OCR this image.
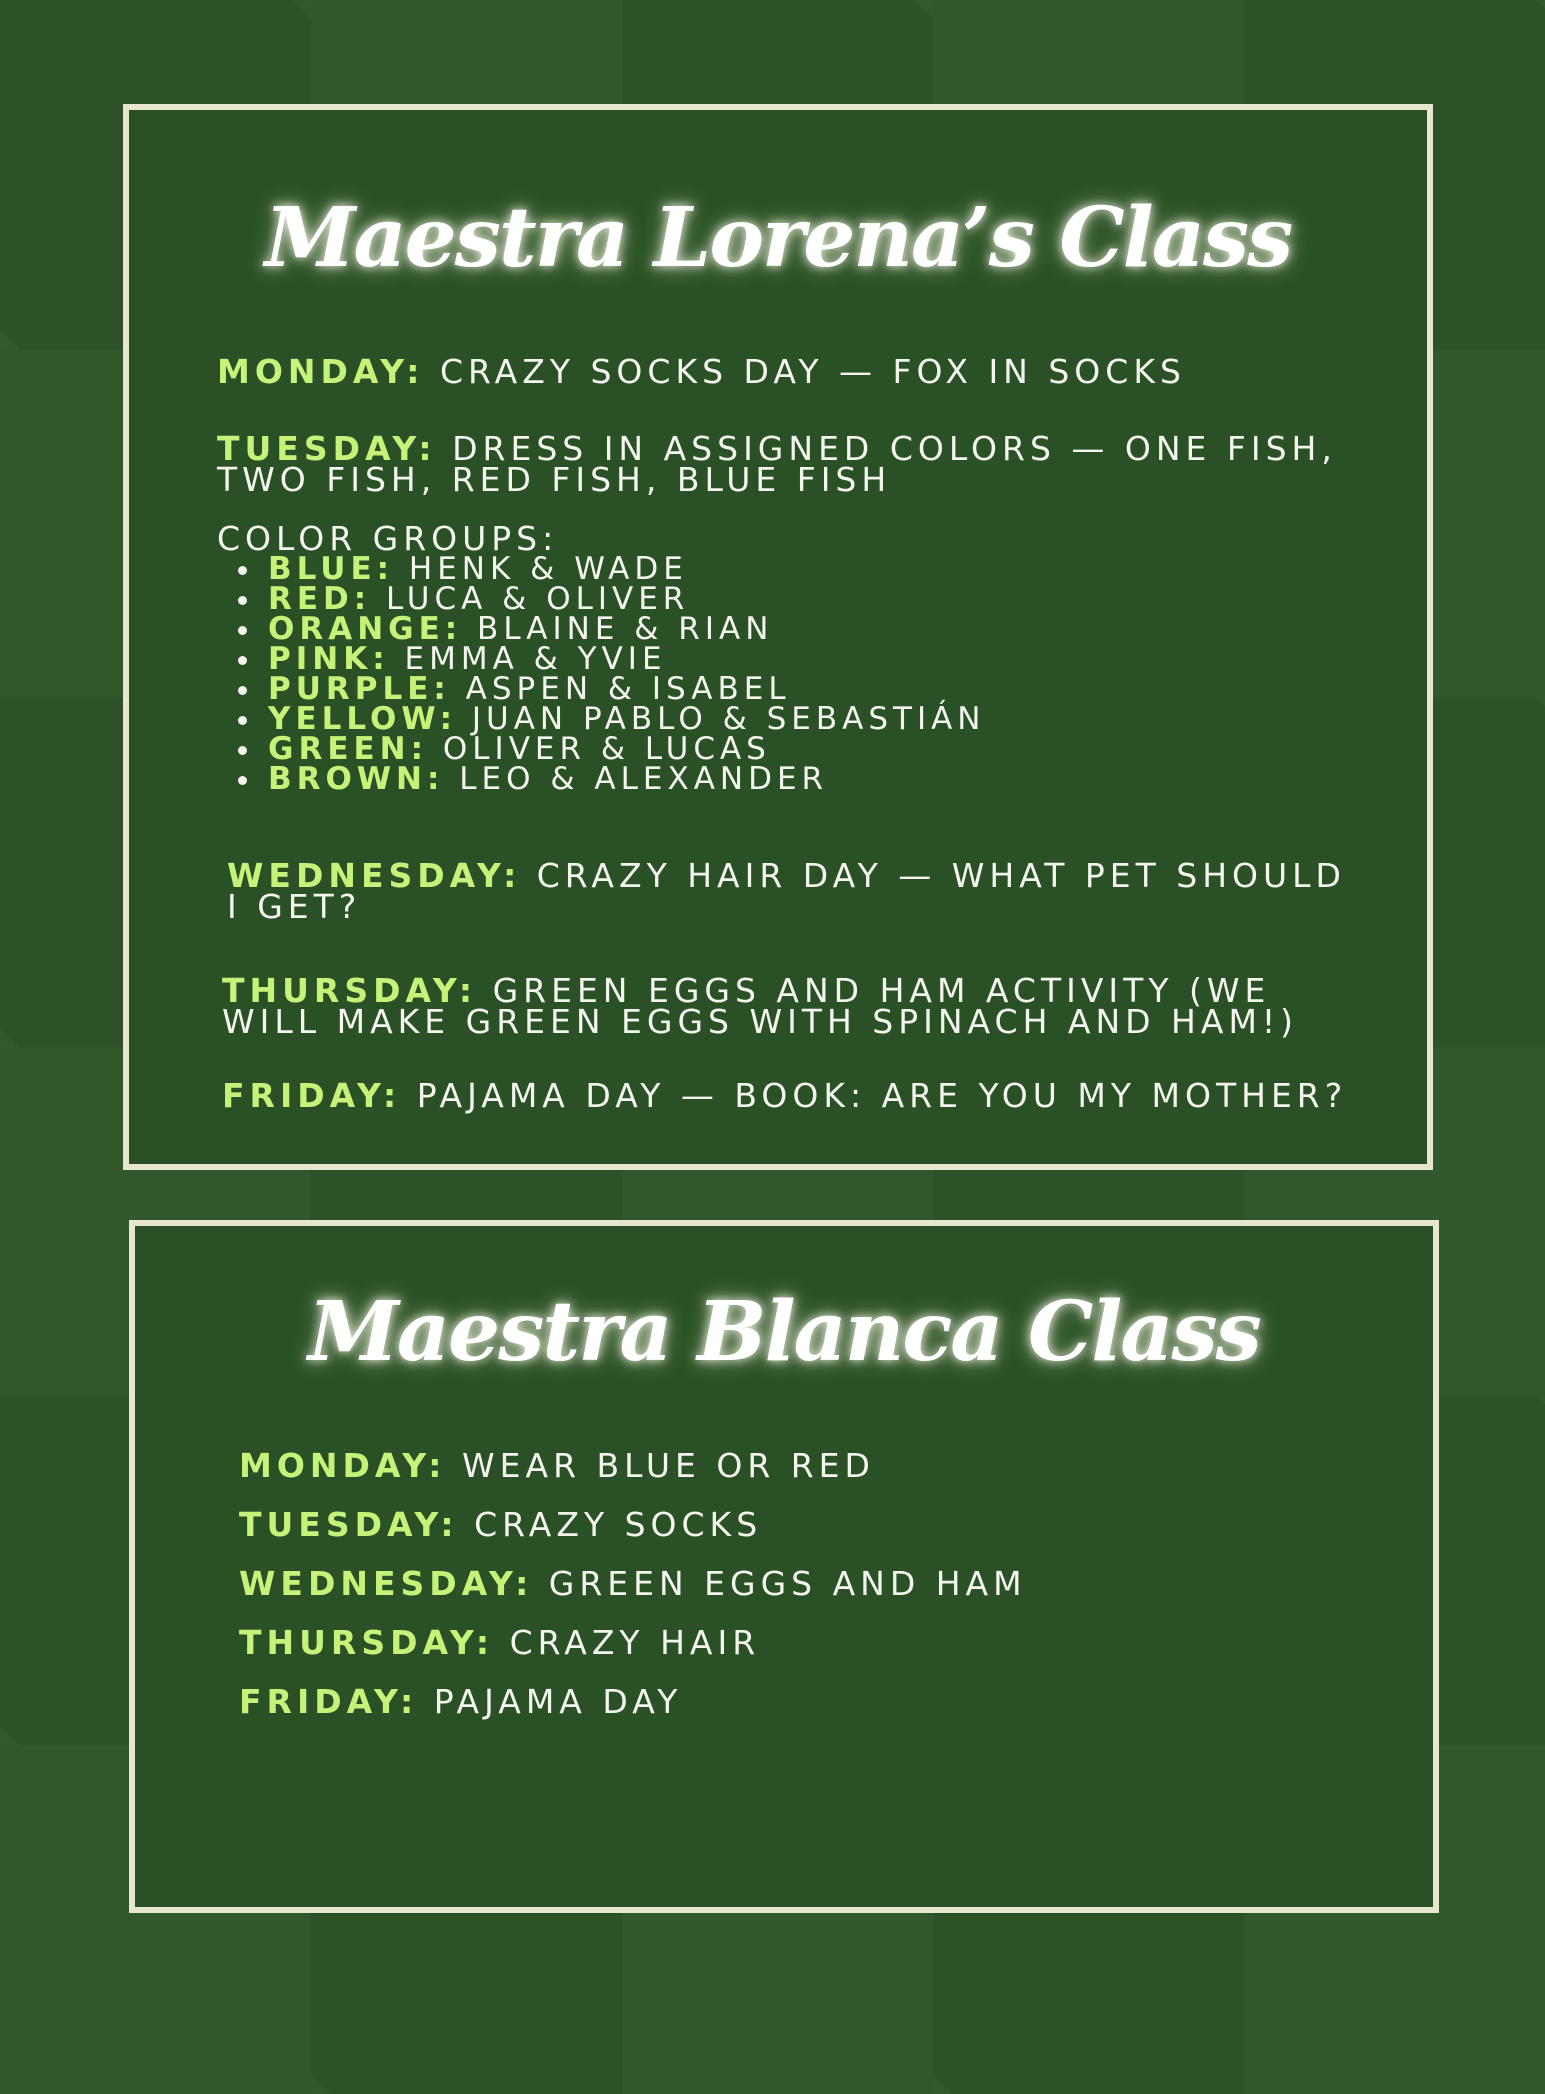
Maestra Lorena’s Class
MONDAY: CRAZY SOCKS DAY — FOX IN SOCKS
TUESDAY: DRESS IN ASSIGNED COLORS — ONE FISH, TWO FISH, RED FISH, BLUE FISH
COLOR GROUPS:
BLUE: HENK & WADE
RED: LUCA & OLIVER
ORANGE: BLAINE & RIAN
PINK: EMMA & YVIE
PURPLE: ASPEN & ISABEL
YELLOW: JUAN PABLO & SEBASTIÁN
GREEN: OLIVER & LUCAS
BROWN: LEO & ALEXANDER
WEDNESDAY: CRAZY HAIR DAY — WHAT PET SHOULD I GET?
THURSDAY: GREEN EGGS AND HAM ACTIVITY (WE WILL MAKE GREEN EGGS WITH SPINACH AND HAM!)
FRIDAY: PAJAMA DAY — BOOK: ARE YOU MY MOTHER?
Maestra Blanca Class
MONDAY: WEAR BLUE OR RED
TUESDAY: CRAZY SOCKS
WEDNESDAY: GREEN EGGS AND HAM
THURSDAY: CRAZY HAIR
FRIDAY: PAJAMA DAY
